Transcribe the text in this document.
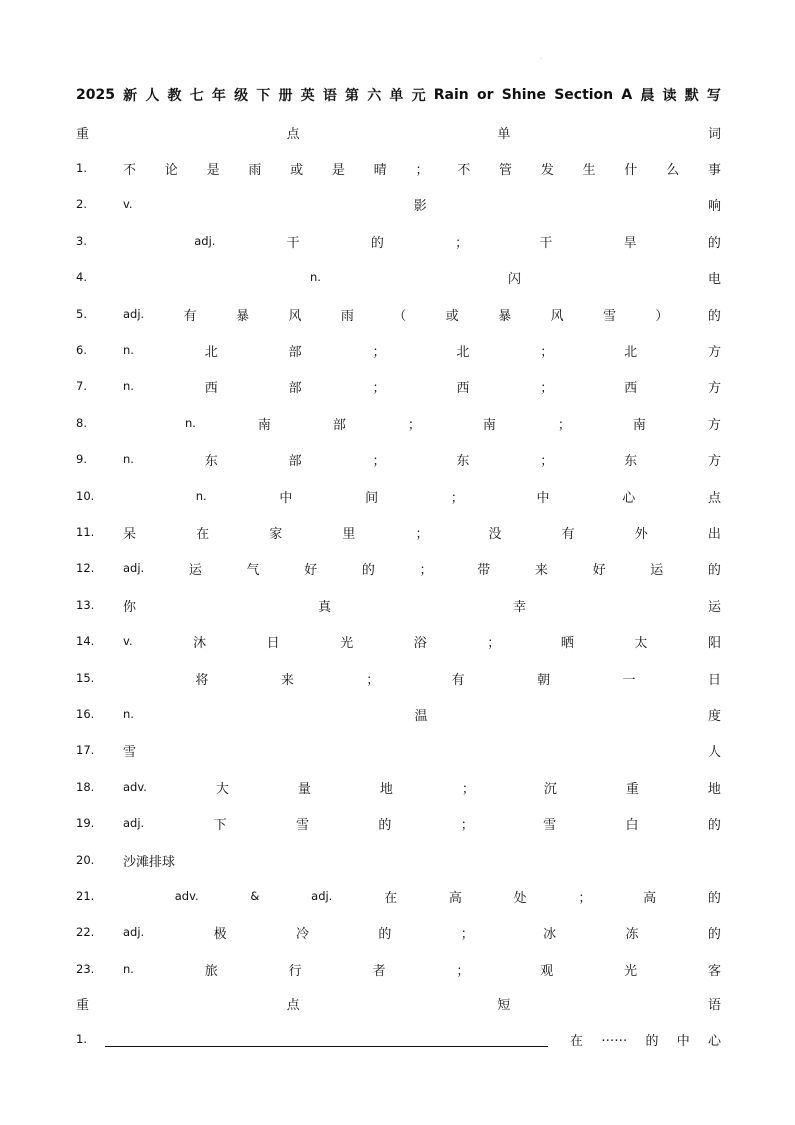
.
2025 新 人 教 七 年 级 下 册 英 语 第 六 单 元 Rain or Shine Section A 晨 读 默 写
重	点	单	词
1.	不 论 是 雨 或 是 晴 ； 不 管 发 生 什 么 事
2.	v.	影	响
3.	adj.	干	的	；	干	旱	的
4.	n.	闪	电
5.	adj.	有	暴	风	雨	（	或	暴	风	雪	）	的
6.	n.	北	部	；	北	；	北	方
7.	n.	西	部	；	西	；	西	方
8.	n.	南	部	；	南	；	南	方
9.	n.	东	部	；	东	；	东	方
10.	n.	中	间	；	中	心	点
11.	呆	在	家	里	；	没	有	外	出
12.	adj.	运	气	好	的	；	带	来	好	运	的
13.	你	真	幸	运
14.	v.	沐	日	光	浴	；	晒	太	阳
15.	将	来	；	有	朝	一	日
16.	n.	温	度
17.	雪	人
18.	adv.	大	量	地	；	沉	重	地
19.	adj.	下	雪	的	；	雪	白	的
20.	沙滩排球
21.	adv.	&	adj.	在	高	处	；	高	的
22.	adj.	极	冷	的	；	冰	冻	的
23.	n.	旅	行	者	；	观	光	客
重	点	短	语
1.	在 …… 的 中 心
